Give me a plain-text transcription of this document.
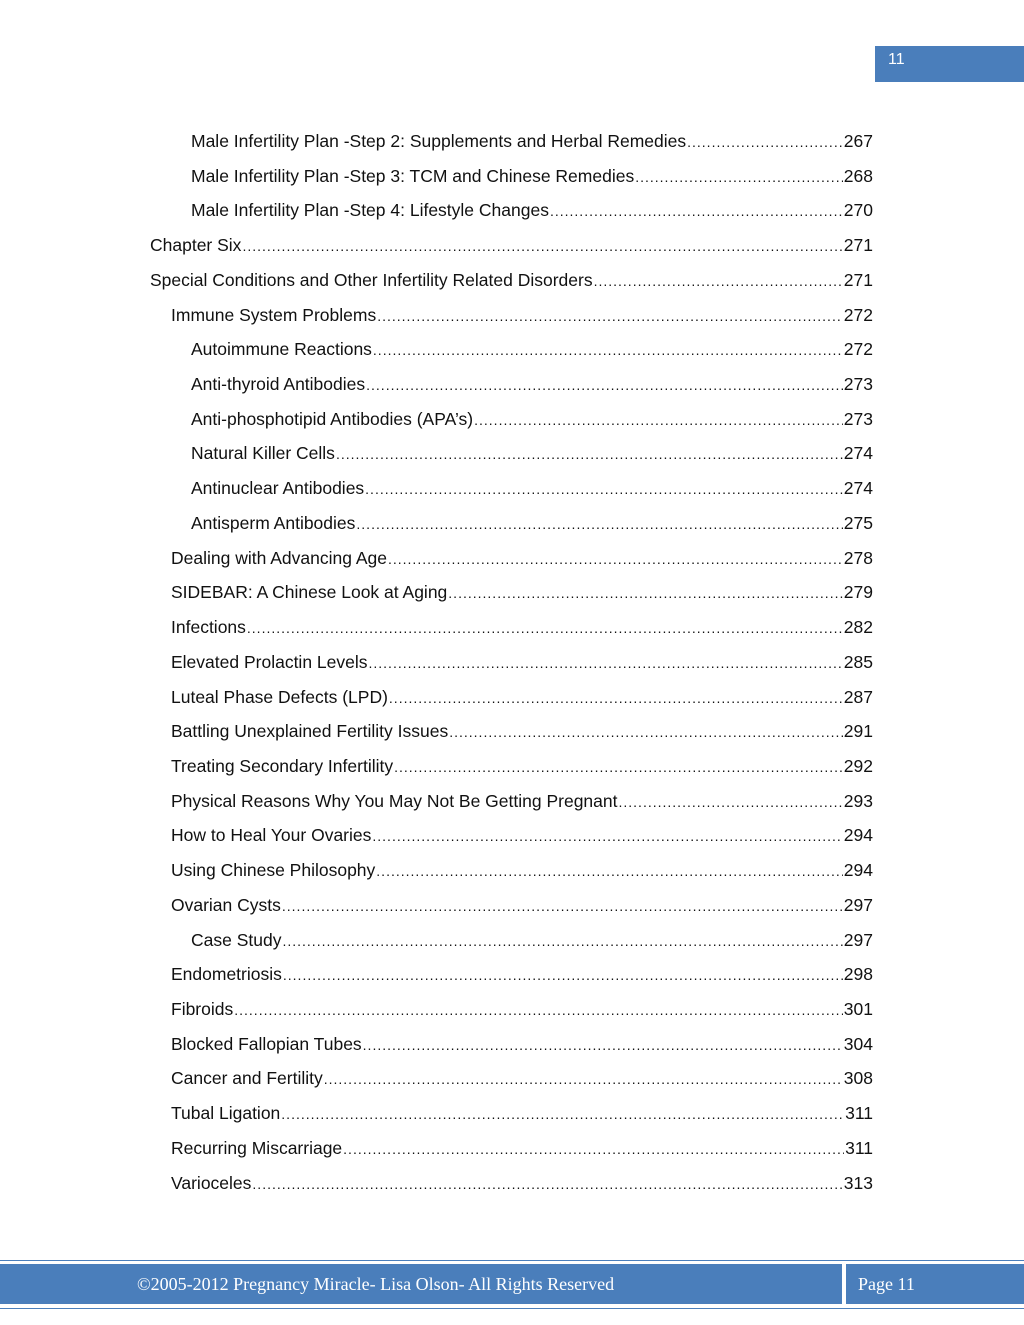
11
Male Infertility Plan -Step 2: Supplements and Herbal Remedies .....	267
Male Infertility Plan -Step 3: TCM and Chinese Remedies .....	268
Male Infertility Plan -Step 4: Lifestyle Changes .....	270
Chapter Six .....	271
Special Conditions and Other Infertility Related Disorders .....	271
Immune System Problems .....	272
Autoimmune Reactions .....	272
Anti-thyroid Antibodies .....	273
Anti-phosphotipid Antibodies (APA’s) .....	273
Natural Killer Cells .....	274
Antinuclear Antibodies .....	274
Antisperm Antibodies .....	275
Dealing with Advancing Age .....	278
SIDEBAR: A Chinese Look at Aging .....	279
Infections .....	282
Elevated Prolactin Levels .....	285
Luteal Phase Defects (LPD) .....	287
Battling Unexplained Fertility Issues .....	291
Treating Secondary Infertility .....	292
Physical Reasons Why You May Not Be Getting Pregnant .....	293
How to Heal Your Ovaries .....	294
Using Chinese Philosophy .....	294
Ovarian Cysts .....	297
Case Study .....	297
Endometriosis .....	298
Fibroids .....	301
Blocked Fallopian Tubes .....	304
Cancer and Fertility .....	308
Tubal Ligation .....	311
Recurring Miscarriage .....	311
Varioceles .....	313
©2005-2012 Pregnancy Miracle- Lisa Olson- All Rights Reserved	Page 11
